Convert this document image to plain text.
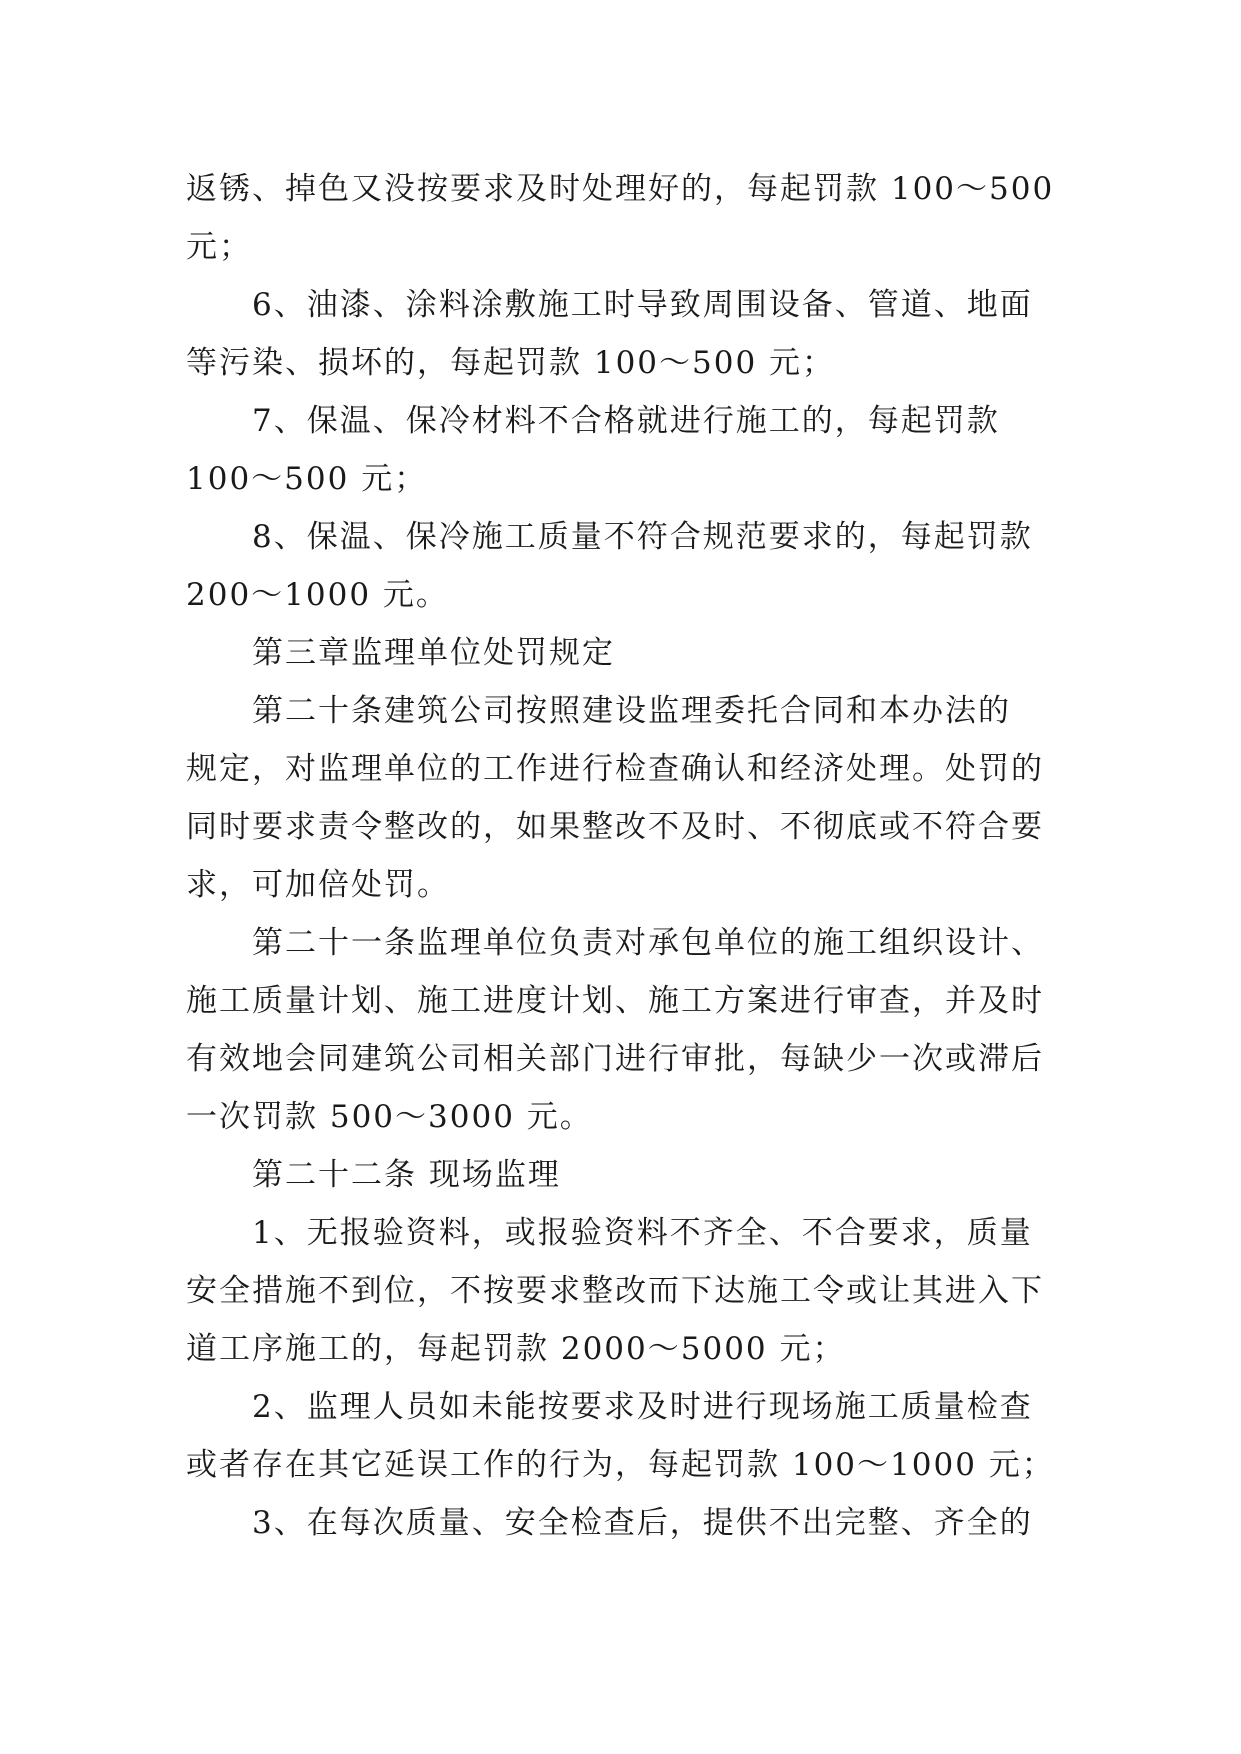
返锈、掉色又没按要求及时处理好的，每起罚款 100～500

元；

6、油漆、涂料涂敷施工时导致周围设备、管道、地面

等污染、损坏的，每起罚款 100～500 元；

7、保温、保冷材料不合格就进行施工的，每起罚款

100～500 元；

8、保温、保冷施工质量不符合规范要求的，每起罚款

200～1000 元。

第三章监理单位处罚规定

第二十条建筑公司按照建设监理委托合同和本办法的

规定，对监理单位的工作进行检查确认和经济处理。处罚的

同时要求责令整改的，如果整改不及时、不彻底或不符合要

求，可加倍处罚。

第二十一条监理单位负责对承包单位的施工组织设计、

施工质量计划、施工进度计划、施工方案进行审查，并及时

有效地会同建筑公司相关部门进行审批，每缺少一次或滞后

一次罚款 500～3000 元。

第二十二条 现场监理

1、无报验资料，或报验资料不齐全、不合要求，质量

安全措施不到位，不按要求整改而下达施工令或让其进入下

道工序施工的，每起罚款 2000～5000 元；

2、监理人员如未能按要求及时进行现场施工质量检查

或者存在其它延误工作的行为，每起罚款 100～1000 元；

3、在每次质量、安全检查后，提供不出完整、齐全的
